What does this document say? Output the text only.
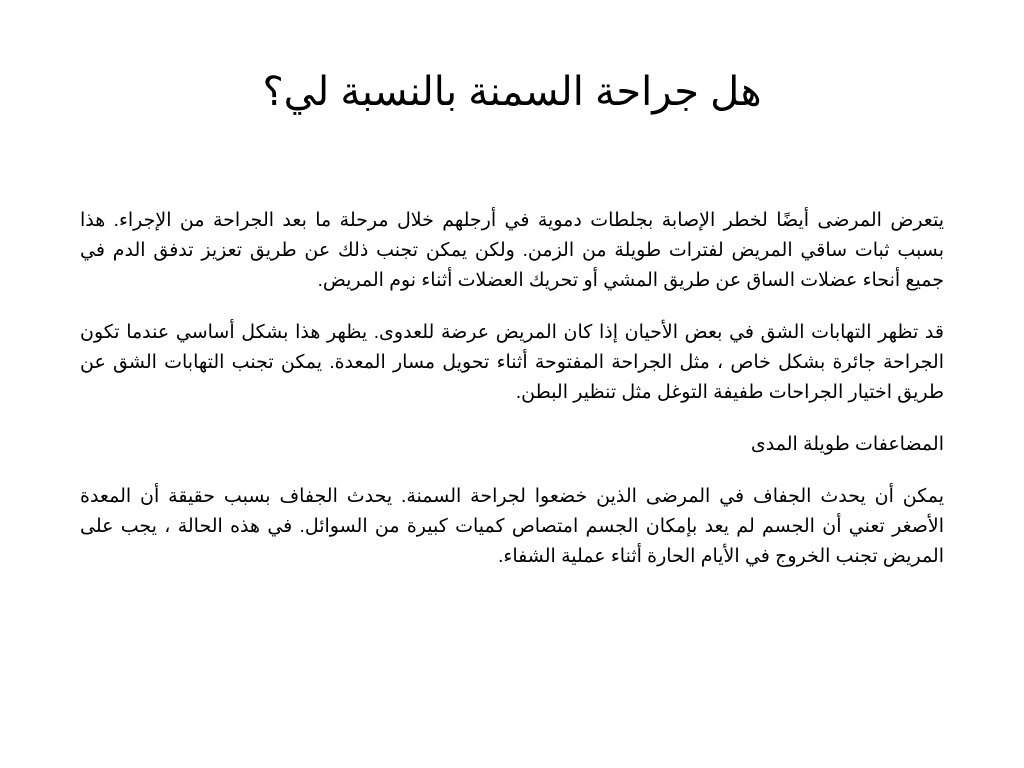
هل جراحة السمنة بالنسبة لي؟

يتعرض المرضى أيضًا لخطر الإصابة بجلطات دموية في أرجلهم خلال مرحلة ما بعد الجراحة من الإجراء. هذا بسبب ثبات ساقي المريض لفترات طويلة من الزمن. ولكن يمكن تجنب ذلك عن طريق تعزيز تدفق الدم في جميع أنحاء عضلات الساق عن طريق المشي أو تحريك العضلات أثناء نوم المريض.

قد تظهر التهابات الشق في بعض الأحيان إذا كان المريض عرضة للعدوى. يظهر هذا بشكل أساسي عندما تكون الجراحة جائرة بشكل خاص ، مثل الجراحة المفتوحة أثناء تحويل مسار المعدة. يمكن تجنب التهابات الشق عن طريق اختيار الجراحات طفيفة التوغل مثل تنظير البطن.

المضاعفات طويلة المدى

يمكن أن يحدث الجفاف في المرضى الذين خضعوا لجراحة السمنة. يحدث الجفاف بسبب حقيقة أن المعدة الأصغر تعني أن الجسم لم يعد بإمكان الجسم امتصاص كميات كبيرة من السوائل. في هذه الحالة ، يجب على المريض تجنب الخروج في الأيام الحارة أثناء عملية الشفاء.
